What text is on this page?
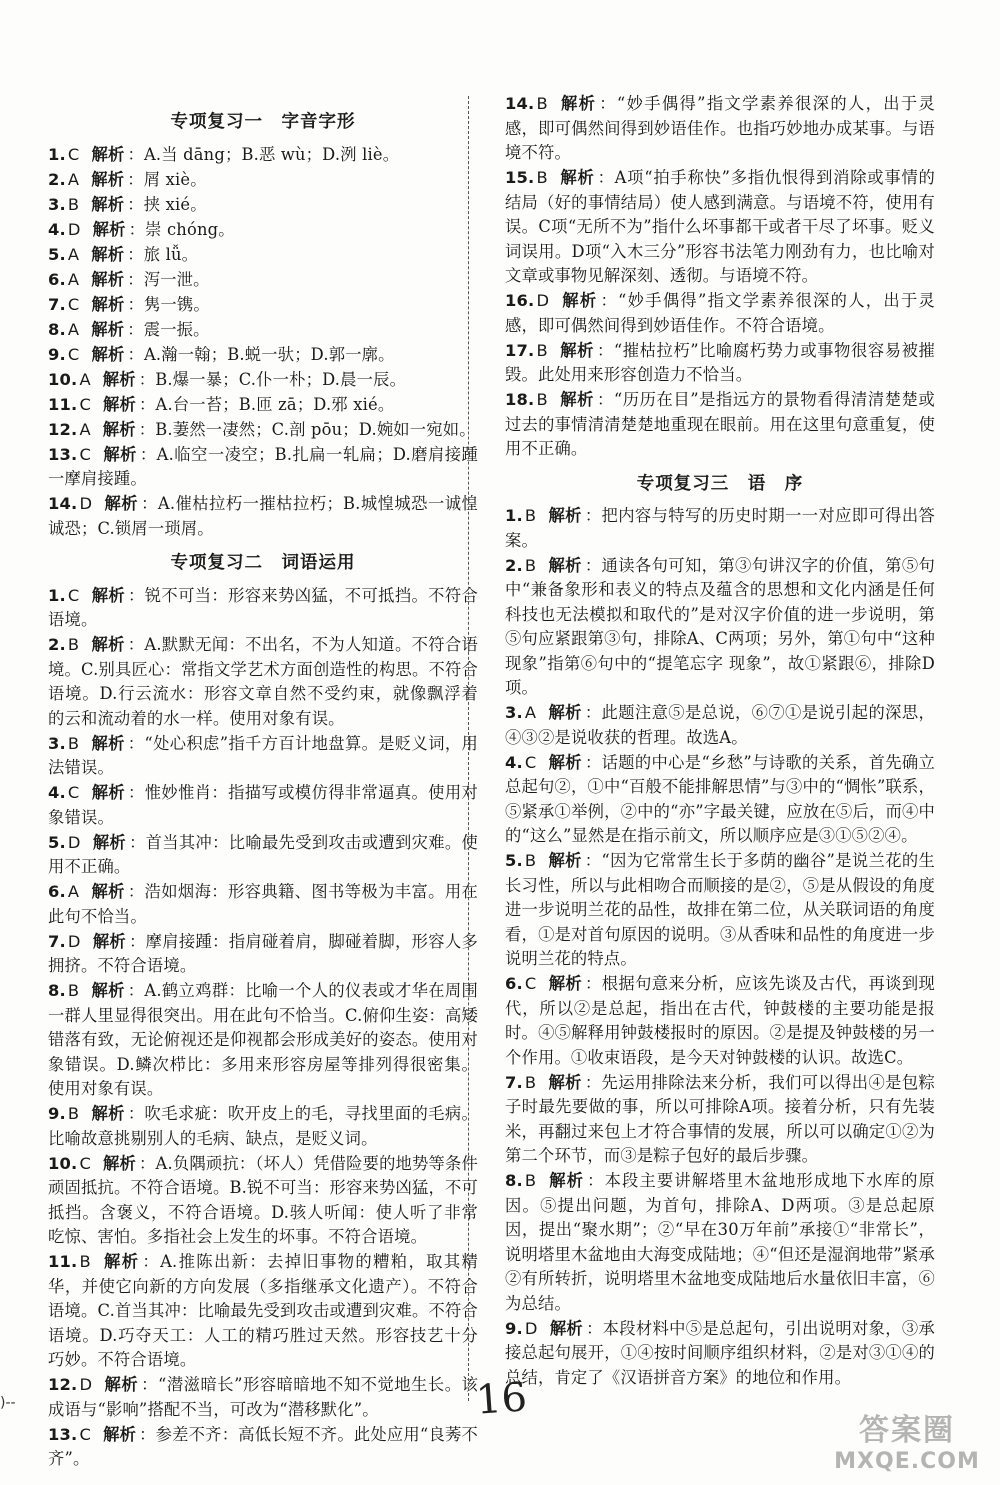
专项复习一　字音字形
1. C 解析 ：A.当 dāng；B.恶 wù；D.洌 liè。
2. A 解析 ：屑 xiè。
3. B 解析 ：挟 xié。
4. D 解析 ：崇 chóng。
5. A 解析 ：旅 lǚ。
6. A 解析 ：泻一泄。
7. C 解析 ：隽一镌。
8. A 解析 ：震一振。
9. C 解析 ：A.瀚一翰；B.蜕一驮；D.郭一廓。
10. A 解析 ：B.爆一暴；C.仆一朴；D.晨一辰。
11. C 解析 ：A.台一苔；B.匝 zā；D.邪 xié。
12. A 解析 ：B.萋然一凄然；C.剖 pōu；D.婉如一宛如。
13. C 解析 ：A.临空一凌空；B.扎扁一轧扁；D.磨肩接踵一摩肩接踵。
14. D 解析 ：A.催枯拉朽一摧枯拉朽；B.城惶城恐一诚惶诚恐；C.锁屑一琐屑。
专项复习二　词语运用
1. C 解析 ：锐不可当：形容来势凶猛，不可抵挡。不符合语境。
2. B 解析 ：A.默默无闻：不出名，不为人知道。不符合语境。C.别具匠心：常指文学艺术方面创造性的构思。不符合语境。D.行云流水：形容文章自然不受约束，就像飘浮着的云和流动着的水一样。使用对象有误。
3. B 解析 ：“处心积虑”指千方百计地盘算。是贬义词，用法错误。
4. C 解析 ：惟妙惟肖：指描写或模仿得非常逼真。使用对象错误。
5. D 解析 ：首当其冲：比喻最先受到攻击或遭到灾难。使用不正确。
6. A 解析 ：浩如烟海：形容典籍、图书等极为丰富。用在此句不恰当。
7. D 解析 ：摩肩接踵：指肩碰着肩，脚碰着脚，形容人多拥挤。不符合语境。
8. B 解析 ：A.鹤立鸡群：比喻一个人的仪表或才华在周围一群人里显得很突出。用在此句不恰当。C.俯仰生姿：高矮错落有致，无论俯视还是仰视都会形成美好的姿态。使用对象错误。D.鳞次栉比：多用来形容房屋等排列得很密集。使用对象有误。
9. B 解析 ：吹毛求疵：吹开皮上的毛，寻找里面的毛病。比喻故意挑剔别人的毛病、缺点，是贬义词。
10. C 解析 ：A.负隅顽抗：（坏人）凭借险要的地势等条件顽固抵抗。不符合语境。B.锐不可当：形容来势凶猛，不可抵挡。含褒义，不符合语境。D.骇人听闻：使人听了非常吃惊、害怕。多指社会上发生的坏事。不符合语境。
11. B 解析 ：A.推陈出新：去掉旧事物的糟粕，取其精华，并使它向新的方向发展（多指继承文化遗产）。不符合语境。C.首当其冲：比喻最先受到攻击或遭到灾难。不符合语境。D.巧夺天工：人工的精巧胜过天然。形容技艺十分巧妙。不符合语境。
12. D 解析 ：“潜滋暗长”形容暗暗地不知不觉地生长。该成语与“影响”搭配不当，可改为“潜移默化”。
13. C 解析 ：参差不齐：高低长短不齐。此处应用“良莠不齐”。
14. B 解析 ：“妙手偶得”指文学素养很深的人，出于灵感，即可偶然间得到妙语佳作。也指巧妙地办成某事。与语境不符。
15. B 解析 ：A项“拍手称快”多指仇恨得到消除或事情的结局（好的事情结局）使人感到满意。与语境不符，使用有误。C项“无所不为”指什么坏事都干或者干尽了坏事。贬义词误用。D项“入木三分”形容书法笔力刚劲有力，也比喻对文章或事物见解深刻、透彻。与语境不符。
16. D 解析 ：“妙手偶得”指文学素养很深的人，出于灵感，即可偶然间得到妙语佳作。不符合语境。
17. B 解析 ：“摧枯拉朽”比喻腐朽势力或事物很容易被摧毁。此处用来形容创造力不恰当。
18. B 解析 ：“历历在目”是指远方的景物看得清清楚楚或过去的事情清清楚楚地重现在眼前。用在这里句意重复，使用不正确。
专项复习三　语　序
1. B 解析 ：把内容与特写的历史时期一一对应即可得出答案。
2. B 解析 ：通读各句可知，第③句讲汉字的价值，第⑤句中“兼备象形和表义的特点及蕴含的思想和文化内涵是任何科技也无法模拟和取代的”是对汉字价值的进一步说明，第⑤句应紧跟第③句，排除A、C两项；另外，第①句中“这种现象”指第⑥句中的“提笔忘字 现象”，故①紧跟⑥，排除D项。
3. A 解析 ：此题注意⑤是总说，⑥⑦①是说引起的深思，④③②是说收获的哲理。故选A。
4. C 解析 ：话题的中心是“乡愁”与诗歌的关系，首先确立总起句②，①中“百般不能排解思情”与③中的“惆怅”联系，⑤紧承①举例，②中的“亦”字最关键，应放在⑤后，而④中的“这么”显然是在指示前文，所以顺序应是③①⑤②④。
5. B 解析 ：“因为它常常生长于多荫的幽谷”是说兰花的生长习性，所以与此相吻合而顺接的是②，⑤是从假设的角度进一步说明兰花的品性，故排在第二位，从关联词语的角度看，①是对首句原因的说明。③从香味和品性的角度进一步说明兰花的特点。
6. C 解析 ：根据句意来分析，应该先谈及古代，再谈到现代，所以②是总起，指出在古代，钟鼓楼的主要功能是报时。④⑤解释用钟鼓楼报时的原因。②是提及钟鼓楼的另一个作用。①收束语段，是今天对钟鼓楼的认识。故选C。
7. B 解析 ：先运用排除法来分析，我们可以得出④是包粽子时最先要做的事，所以可排除A项。接着分析，只有先装米，再翻过来包上才符合事情的发展，所以可以确定①②为第二个环节，而③是粽子包好的最后步骤。
8. B 解析 ：本段主要讲解塔里木盆地形成地下水库的原因。⑤提出问题，为首句，排除A、D两项。③是总起原因，提出“聚水期”；②“早在30万年前”承接①“非常长”，说明塔里木盆地由大海变成陆地；④“但还是湿润地带”紧承②有所转折，说明塔里木盆地变成陆地后水量依旧丰富，⑥为总结。
9. D 解析 ：本段材料中⑤是总起句，引出说明对象，③承接总起句展开，①④按时间顺序组织材料，②是对③①④的总结，肯定了《汉语拼音方案》的地位和作用。
16
)--
答案圈
MXQE.COM
